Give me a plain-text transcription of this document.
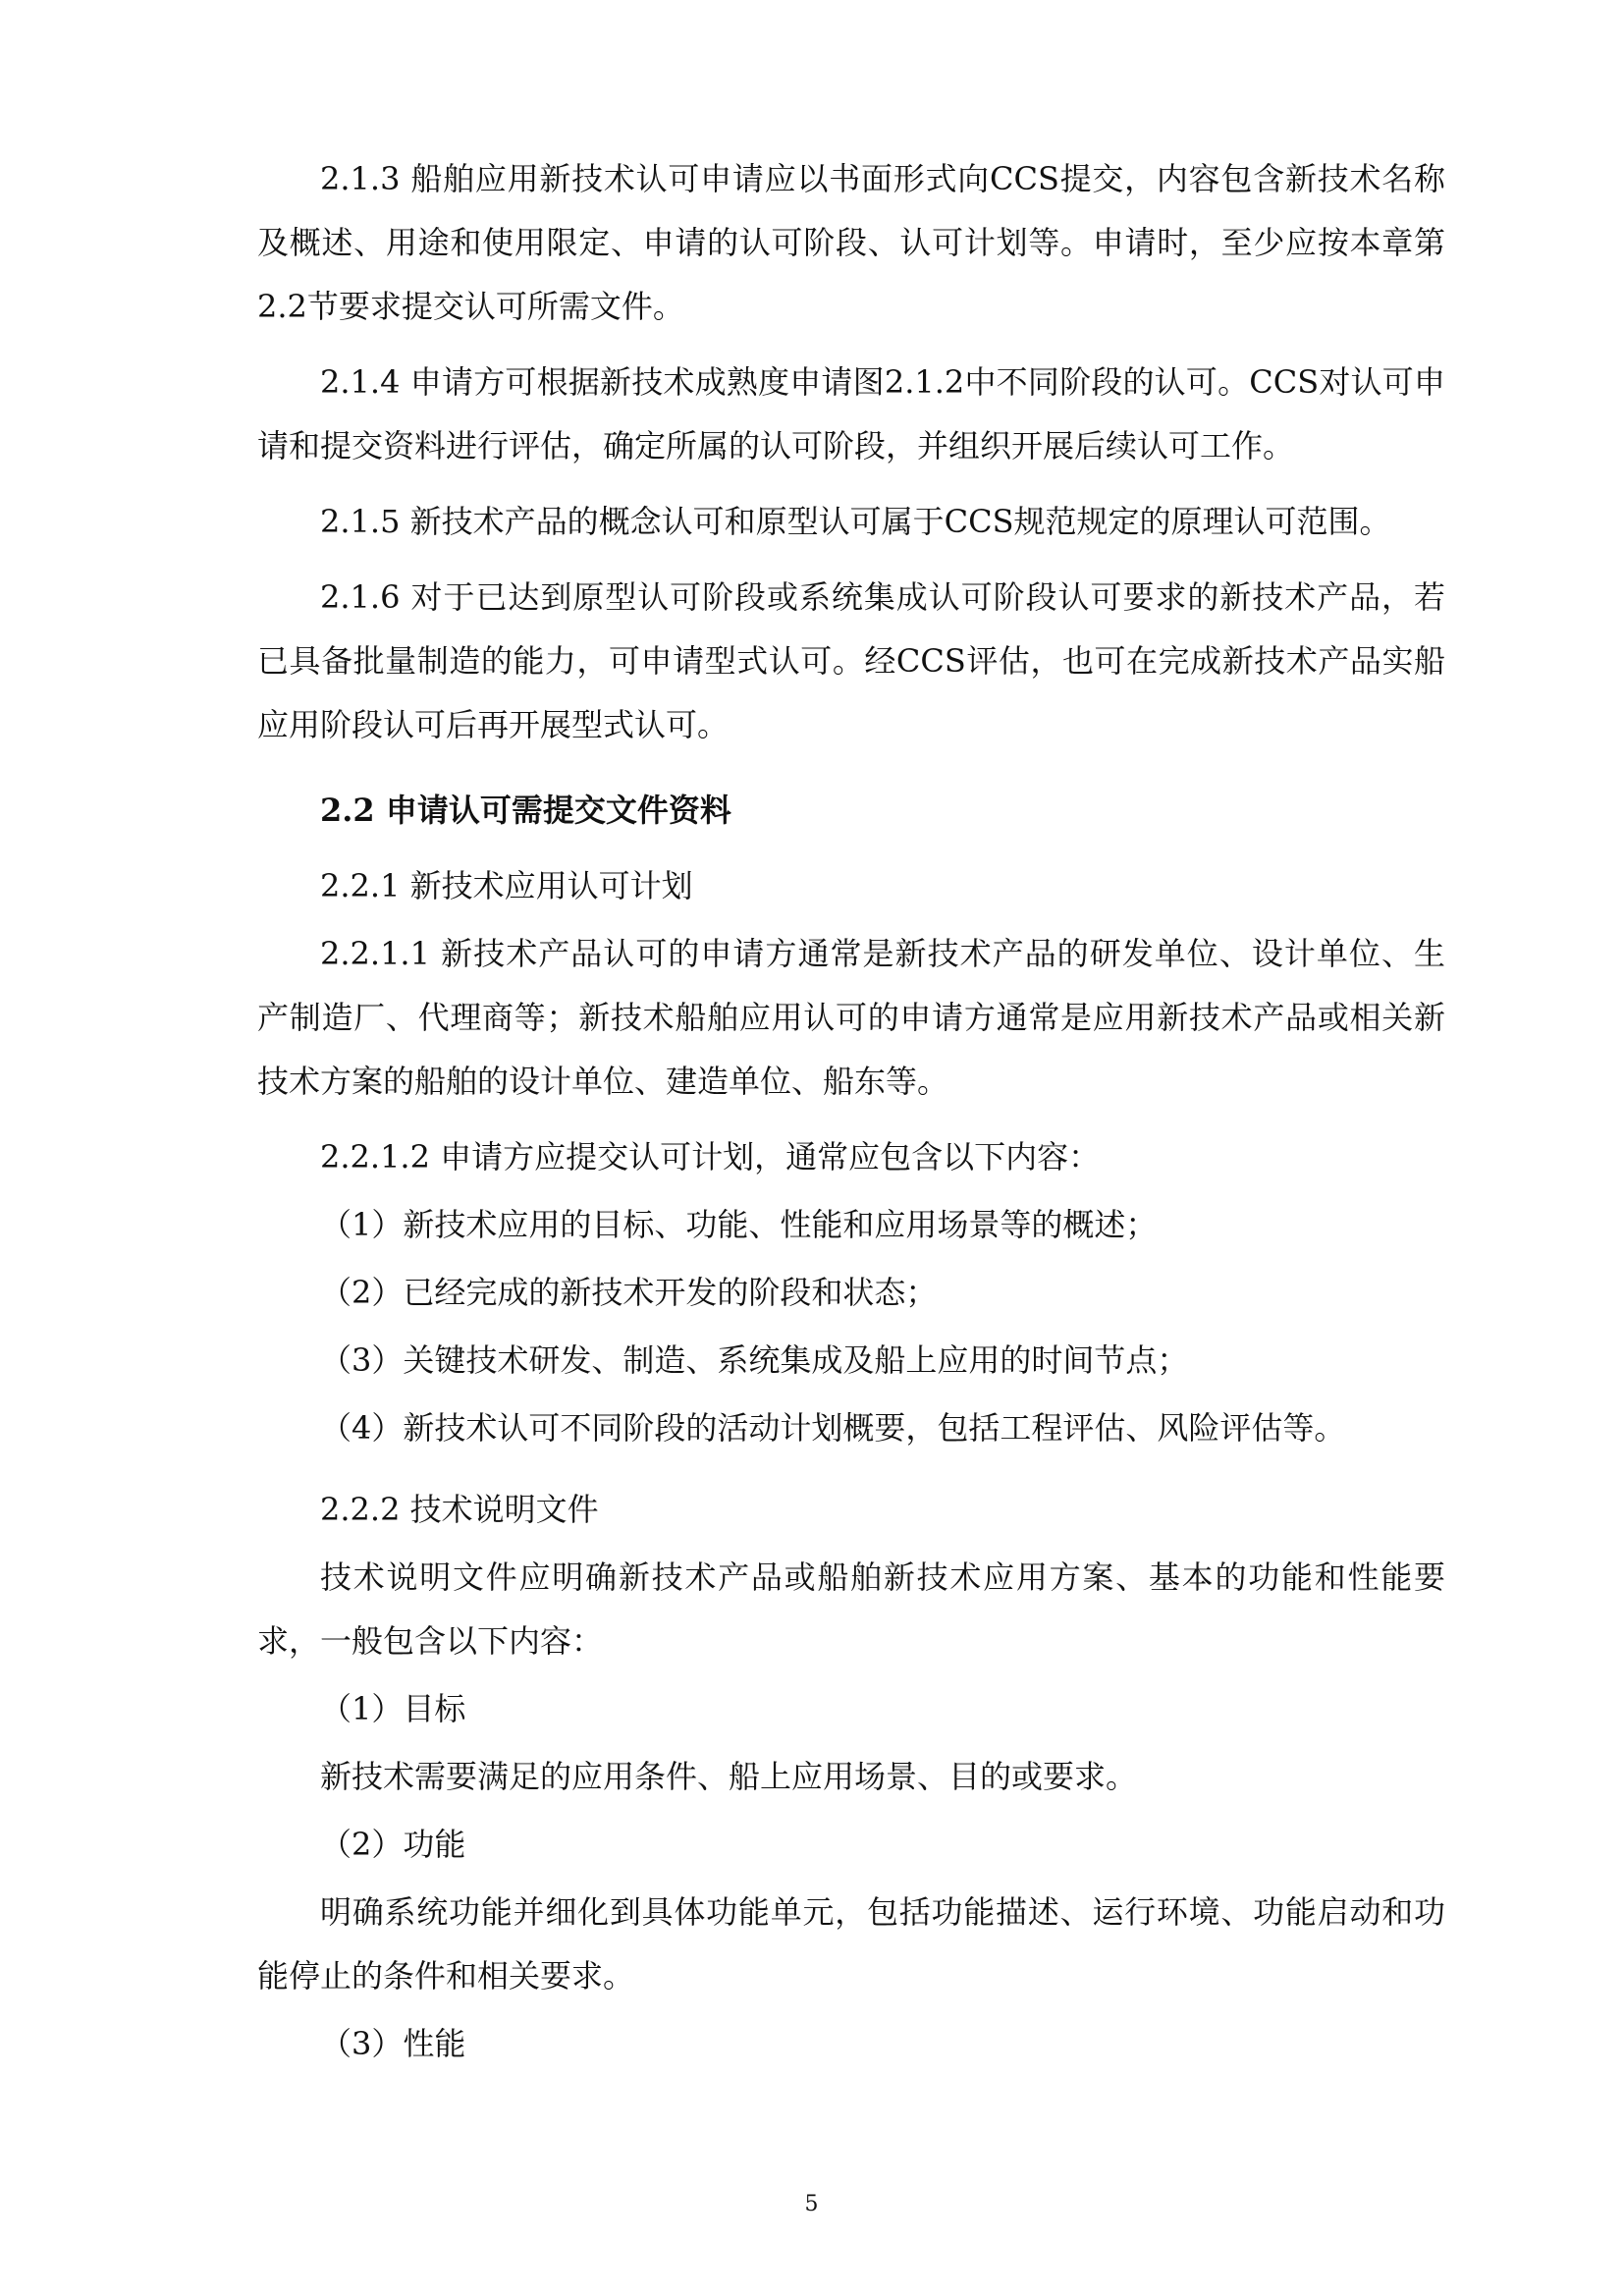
2.1.3 船舶应用新技术认可申请应以书面形式向CCS提交，内容包含新技术名称及概述、用途和使用限定、申请的认可阶段、认可计划等。申请时，至少应按本章第2.2节要求提交认可所需文件。

2.1.4 申请方可根据新技术成熟度申请图2.1.2中不同阶段的认可。CCS对认可申请和提交资料进行评估，确定所属的认可阶段，并组织开展后续认可工作。

2.1.5 新技术产品的概念认可和原型认可属于CCS规范规定的原理认可范围。

2.1.6 对于已达到原型认可阶段或系统集成认可阶段认可要求的新技术产品，若已具备批量制造的能力，可申请型式认可。经CCS评估，也可在完成新技术产品实船应用阶段认可后再开展型式认可。

2.2 申请认可需提交文件资料

2.2.1 新技术应用认可计划

2.2.1.1 新技术产品认可的申请方通常是新技术产品的研发单位、设计单位、生产制造厂、代理商等；新技术船舶应用认可的申请方通常是应用新技术产品或相关新技术方案的船舶的设计单位、建造单位、船东等。

2.2.1.2 申请方应提交认可计划，通常应包含以下内容：

（1）新技术应用的目标、功能、性能和应用场景等的概述；

（2）已经完成的新技术开发的阶段和状态；

（3）关键技术研发、制造、系统集成及船上应用的时间节点；

（4）新技术认可不同阶段的活动计划概要，包括工程评估、风险评估等。

2.2.2 技术说明文件

技术说明文件应明确新技术产品或船舶新技术应用方案、基本的功能和性能要求，一般包含以下内容：

（1）目标

新技术需要满足的应用条件、船上应用场景、目的或要求。

（2）功能

明确系统功能并细化到具体功能单元，包括功能描述、运行环境、功能启动和功能停止的条件和相关要求。

（3）性能

5
